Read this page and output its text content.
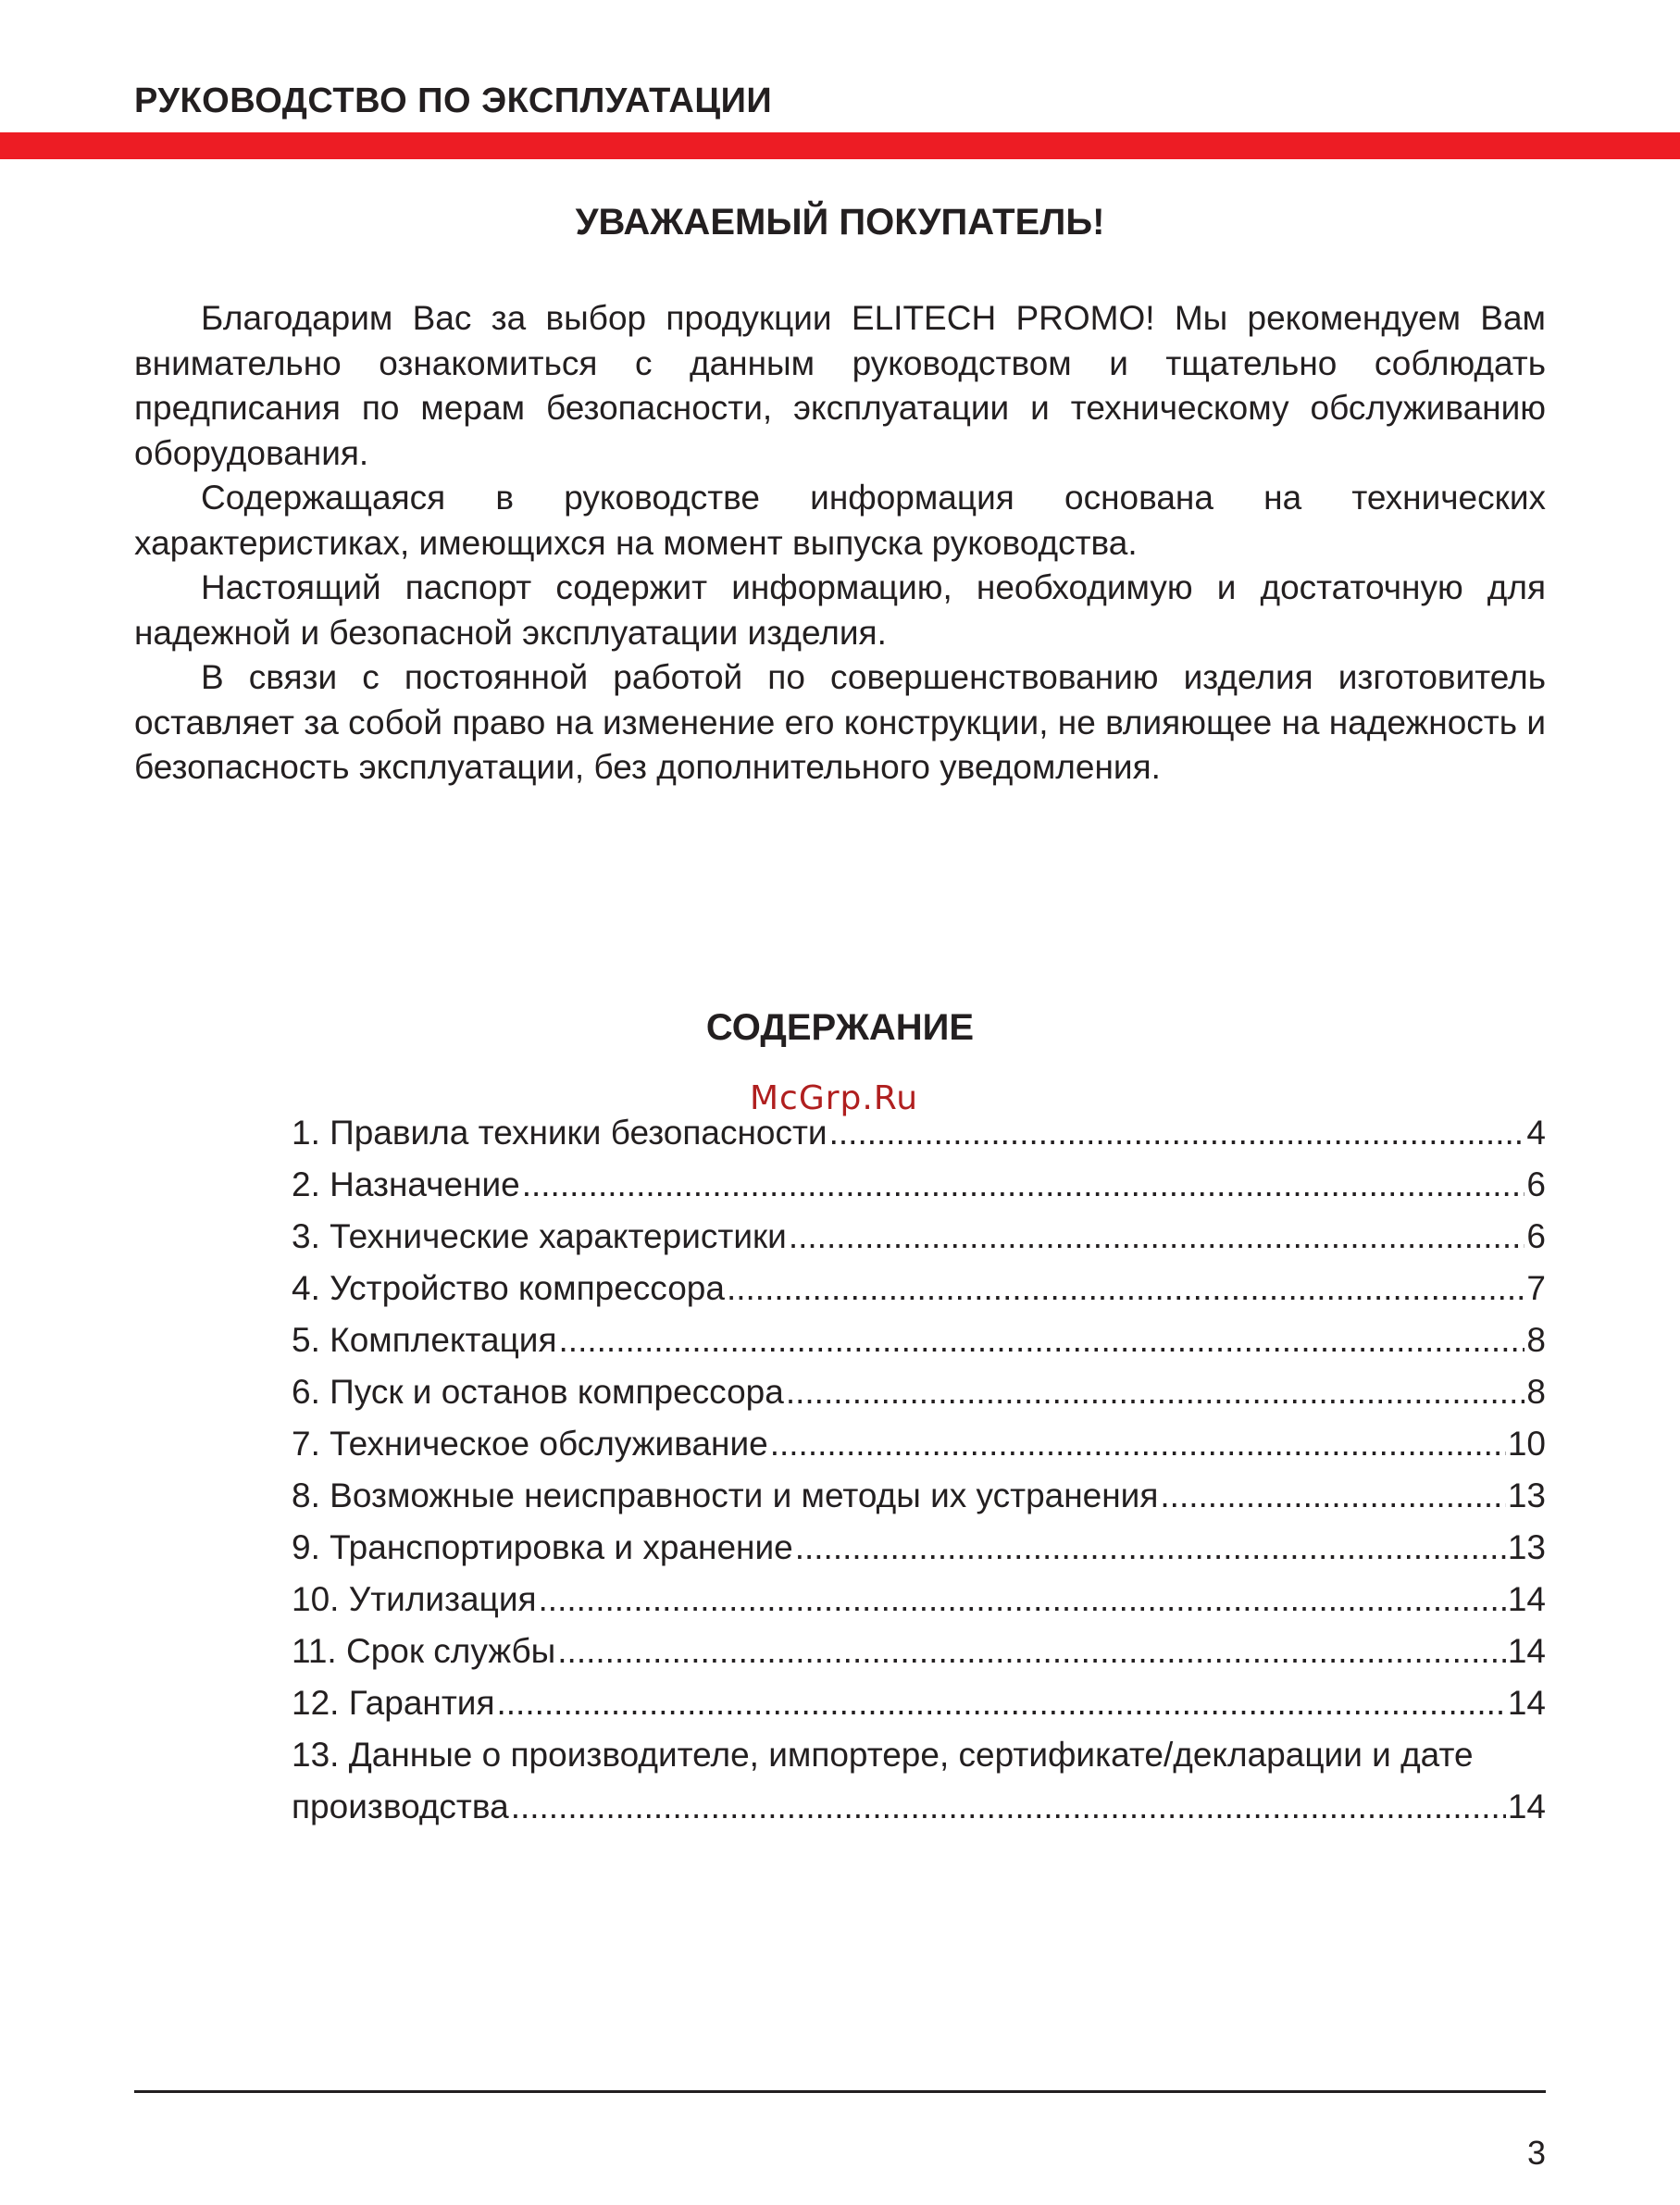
РУКОВОДСТВО ПО ЭКСПЛУАТАЦИИ
УВАЖАЕМЫЙ ПОКУПАТЕЛЬ!

Благодарим Вас за выбор продукции ELITECH PROMO! Мы рекомендуем Вам внимательно ознакомиться с данным руководством и тщательно соблюдать предписания по мерам безопасности, эксплуатации и техническому обслуживанию оборудования.

Содержащаяся в руководстве информация основана на технических характеристиках, имеющихся на момент выпуска руководства.

Настоящий паспорт содержит информацию, необходимую и достаточную для надежной и безопасной эксплуатации изделия.

В связи с постоянной работой по совершенствованию изделия изготовитель оставляет за собой право на изменение его конструкции, не влияющее на надежность и безопасность эксплуатации, без дополнительного уведомления.

СОДЕРЖАНИЕ
McGrp.Ru
1. Правила техники безопасности .....	4
2. Назначение .....	6
3. Технические характеристики .....	6
4. Устройство компрессора .....	7
5. Комплектация .....	8
6. Пуск и останов компрессора .....	8
7. Техническое обслуживание .....	10
8. Возможные неисправности и методы их устранения .....	13
9. Транспортировка и хранение .....	13
10. Утилизация .....	14
11. Срок службы .....	14
12. Гарантия .....	14
13. Данные о производителе, импортере, сертификате/декларации и дате
производства .....	14
3
